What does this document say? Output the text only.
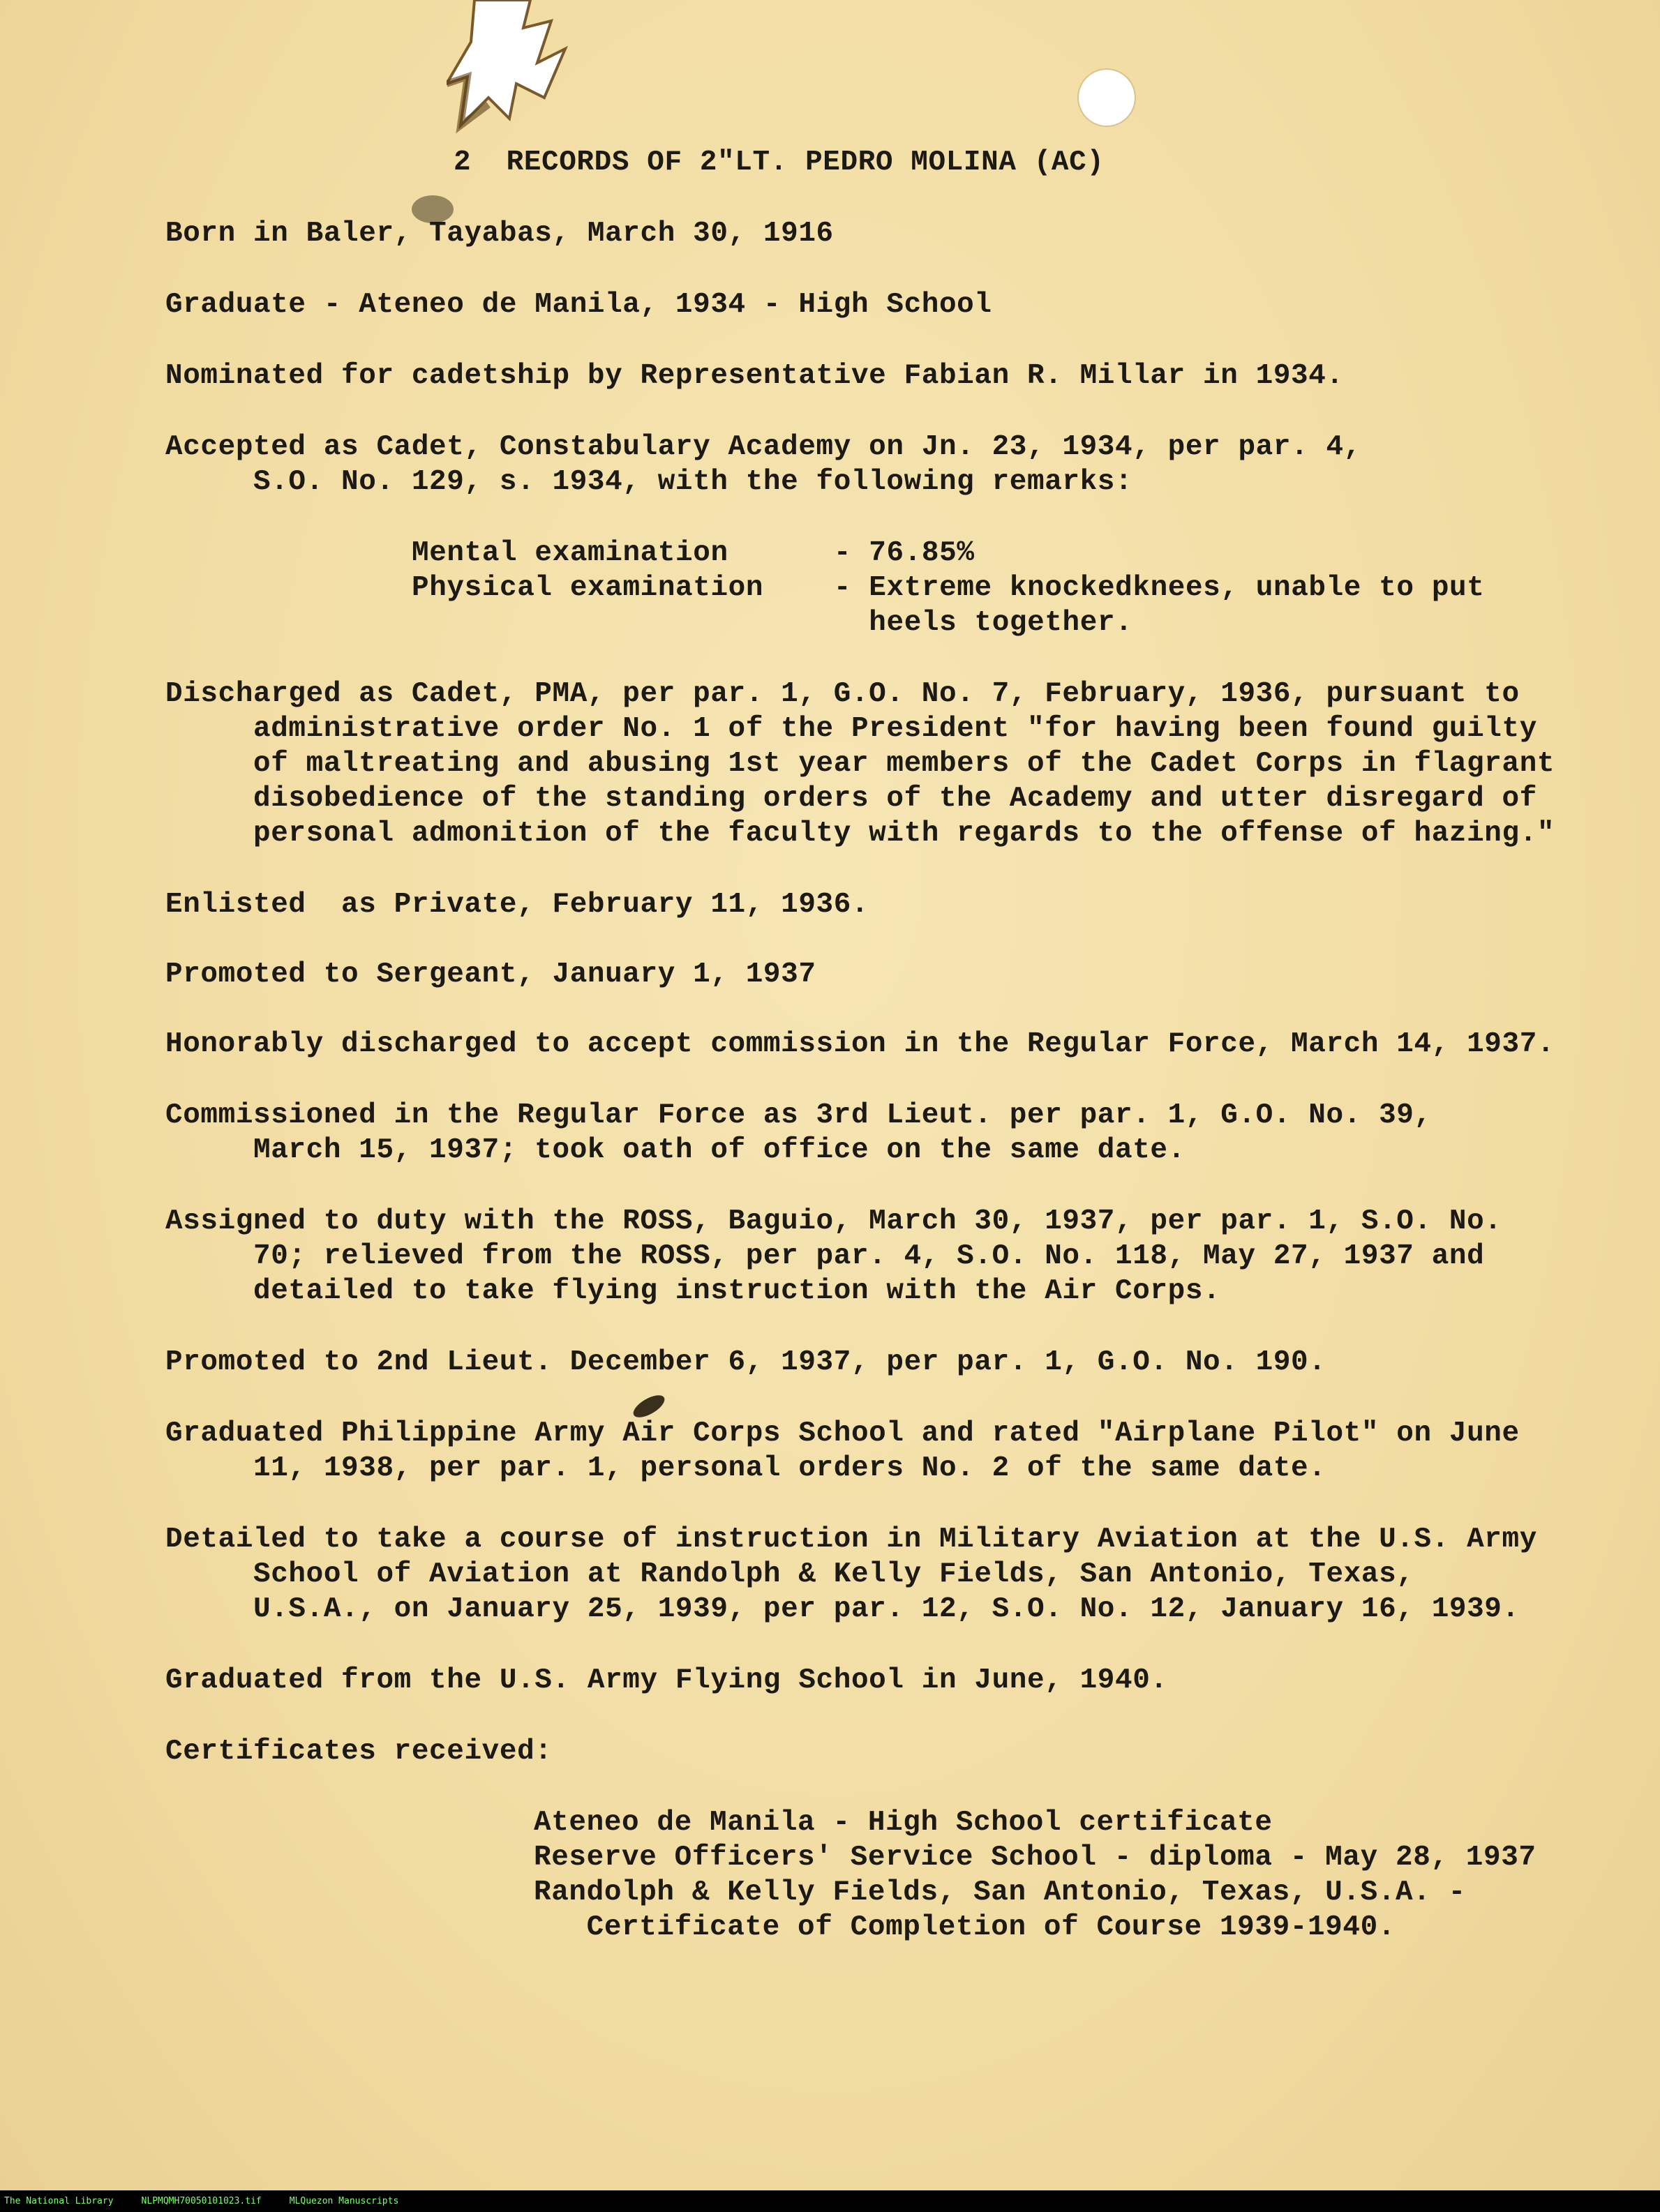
2  RECORDS OF 2"LT. PEDRO MOLINA (AC)
Born in Baler, Tayabas, March 30, 1916
Graduate - Ateneo de Manila, 1934 - High School
Nominated for cadetship by Representative Fabian R. Millar in 1934.
Accepted as Cadet, Constabulary Academy on Jn. 23, 1934, per par. 4,
S.O. No. 129, s. 1934, with the following remarks:
Mental examination      - 76.85%
Physical examination    - Extreme knockedknees, unable to put
heels together.
Discharged as Cadet, PMA, per par. 1, G.O. No. 7, February, 1936, pursuant to
administrative order No. 1 of the President "for having been found guilty
of maltreating and abusing 1st year members of the Cadet Corps in flagrant
disobedience of the standing orders of the Academy and utter disregard of
personal admonition of the faculty with regards to the offense of hazing."
Enlisted  as Private, February 11, 1936.
Promoted to Sergeant, January 1, 1937
Honorably discharged to accept commission in the Regular Force, March 14, 1937.
Commissioned in the Regular Force as 3rd Lieut. per par. 1, G.O. No. 39,
March 15, 1937; took oath of office on the same date.
Assigned to duty with the ROSS, Baguio, March 30, 1937, per par. 1, S.O. No.
70; relieved from the ROSS, per par. 4, S.O. No. 118, May 27, 1937 and
detailed to take flying instruction with the Air Corps.
Promoted to 2nd Lieut. December 6, 1937, per par. 1, G.O. No. 190.
Graduated Philippine Army Air Corps School and rated "Airplane Pilot" on June
11, 1938, per par. 1, personal orders No. 2 of the same date.
Detailed to take a course of instruction in Military Aviation at the U.S. Army
School of Aviation at Randolph & Kelly Fields, San Antonio, Texas,
U.S.A., on January 25, 1939, per par. 12, S.O. No. 12, January 16, 1939.
Graduated from the U.S. Army Flying School in June, 1940.
Certificates received:
Ateneo de Manila - High School certificate
Reserve Officers' Service School - diploma - May 28, 1937
Randolph & Kelly Fields, San Antonio, Texas, U.S.A. -
Certificate of Completion of Course 1939-1940.
The National Library	NLPMQMH70050101023.tif	MLQuezon Manuscripts
